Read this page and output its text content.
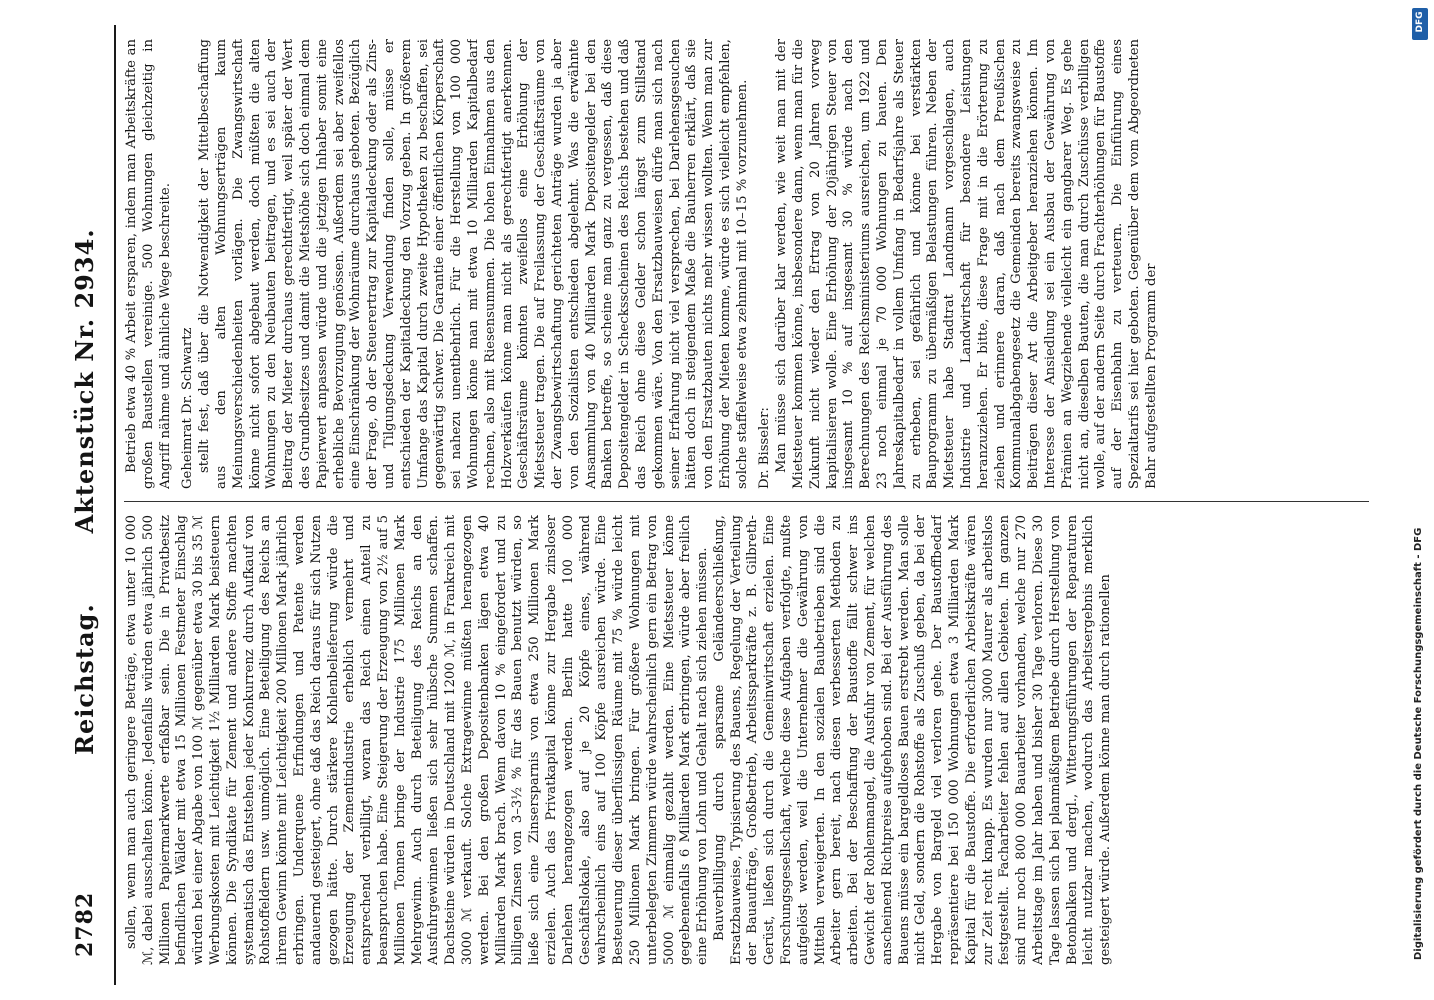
2782
Reichstag.Aktenstück Nr. 2934.

sollen, wenn man auch geringere Beträge, etwa unter 10 000 ℳ, dabei ausschalten könne. Jedenfalls würden etwa jährlich 500 Millionen Papiermarkwerte erfaßbar sein. Die in Privatbesitz befindlichen Wälder mit etwa 15 Millionen Festmeter Einschlag würden bei einer Abgabe von 100 ℳ gegenüber etwa 30 bis 35 ℳ Werbungskosten mit Leichtigkeit 1½ Milliarden Mark beisteuern können. Die Syndikate für Zement und andere Stoffe machten systematisch das Entstehen jeder Konkurrenz durch Aufkauf von Rohstoffeldern usw. unmöglich. Eine Beteiligung des Reichs an ihrem Gewinn könnte mit Leichtigkeit 200 Millionen Mark jährlich erbringen. Underquene Erfindungen und Patente werden andauernd gesteigert, ohne daß das Reich daraus für sich Nutzen gezogen hätte. Durch stärkere Kohlenbelieferung würde die Erzeugung der Zementindustrie erheblich vermehrt und entsprechend verbilligt, woran das Reich einen Anteil zu beanspruchen habe. Eine Steigerung der Erzeugung von 2½ auf 5 Millionen Tonnen bringe der Industrie 175 Millionen Mark Mehrgewinn. Auch durch Beteiligung des Reichs an den Ausfuhrgewinnen ließen sich sehr hübsche Summen schaffen. Dachsteine würden in Deutschland mit 1200 ℳ, in Frankreich mit 3000 ℳ verkauft. Solche Extragewinne müßten herangezogen werden. Bei den großen Depositenbanken lägen etwa 40 Milliarden Mark brach. Wenn davon 10 % eingefordert und zu billigen Zinsen von 3–3½ % für das Bauen benutzt würden, so ließe sich eine Zinsersparnis von etwa 250 Millionen Mark erzielen. Auch das Privatkapital könne zur Hergabe zinsloser Darlehen herangezogen werden. Berlin hatte 100 000 Geschäftslokale, also auf je 20 Köpfe eines, während wahrscheinlich eins auf 100 Köpfe ausreichen würde. Eine Besteuerung dieser überflüssigen Räume mit 75 % würde leicht 250 Millionen Mark bringen. Für größere Wohnungen mit unterbelegten Zimmern würde wahrscheinlich gern ein Betrag von 5000 ℳ einmalig gezahlt werden. Eine Mietssteuer könne gegebenenfalls 6 Milliarden Mark erbringen, würde aber freilich eine Erhöhung von Lohn und Gehalt nach sich ziehen müssen. Bauverbilligung durch sparsame Geländeerschließung, Ersatzbauweise, Typisierung des Bauens, Regelung der Verteilung der Bauaufträge, Großbetrieb, Arbeitssparkräfte z. B. Gilbreth-Gerüst, ließen sich durch die Gemeinwirtschaft erzielen. Eine Forschungsgesellschaft, welche diese Aufgaben verfolgte, mußte aufgelöst werden, weil die Unternehmer die Gewährung von Mitteln verweigerten. In den sozialen Baubetrieben sind die Arbeiter gern bereit, nach diesen verbesserten Methoden zu arbeiten. Bei der Beschaffung der Baustoffe fällt schwer ins Gewicht der Rohlenmangel, die Ausfuhr von Zement, für welchen anscheinend Richtpreise aufgehoben sind. Bei der Ausführung des Bauens müsse ein bargeldloses Bauen erstrebt werden. Man solle nicht Geld, sondern die Rohstoffe als Zuschuß geben, da bei der Hergabe von Bargeld viel verloren gehe. Der Baustoffbedarf repräsentiere bei 150 000 Wohnungen etwa 3 Milliarden Mark Kapital für die Baustoffe. Die erforderlichen Arbeitskräfte wären zur Zeit recht knapp. Es wurden nur 3000 Maurer als arbeitslos festgestellt. Facharbeiter fehlen auf allen Gebieten. Im ganzen sind nur noch 800 000 Bauarbeiter vorhanden, welche nur 270 Arbeitstage im Jahr haben und bisher 30 Tage verloren. Diese 30 Tage lassen sich bei planmäßigem Betriebe durch Herstellung von Betonbalken und dergl., Witterungsführungen der Reparaturen leicht nutzbar machen, wodurch das Arbeitsergebnis merklich gesteigert würde. Außerdem könne man durch rationellen

Betrieb etwa 40 % Arbeit ersparen, indem man Arbeitskräfte an großen Baustellen vereinige. 500 Wohnungen gleichzeitig in Angriff nähme und ähnliche Wege beschreite. Geheimrat Dr. Schwartz stellt fest, daß über die Notwendigkeit der Mittelbeschaffung aus den alten Wohnungserträgen kaum Meinungsverschiedenheiten vorlägen. Die Zwangswirtschaft könne nicht sofort abgebaut werden, doch müßten die alten Wohnungen zu den Neubauten beitragen, und es sei auch der Beitrag der Mieter durchaus gerechtfertigt, weil später der Wert des Grundbesitzes und damit die Mietshöhe sich doch einmal dem Papierwert anpassen würde und die jetzigen Inhaber somit eine erhebliche Bevorzugung genössen. Außerdem sei aber zweifellos eine Einschränkung der Wohnräume durchaus geboten. Bezüglich der Frage, ob der Steuerertrag zur Kapitaldeckung oder als Zins- und Tilgungsdeckung Verwendung finden solle, müsse er entschieden der Kapitaldeckung den Vorzug geben. In größerem Umfange das Kapital durch zweite Hypotheken zu beschaffen, sei gegenwärtig schwer. Die Garantie einer öffentlichen Körperschaft sei nahezu unentbehrlich. Für die Herstellung von 100 000 Wohnungen könne man mit etwa 10 Milliarden Kapitalbedarf rechnen, also mit Riesensummen. Die hohen Einnahmen aus den Holzverkäufen könne man nicht als gerechtfertigt anerkennen. Geschäftsräume könnten zweifellos eine Erhöhung der Mietssteuer tragen. Die auf Freilassung der Geschäftsräume von der Zwangsbewirtschaftung gerichteten Anträge wurden ja aber von den Sozialisten entschieden abgelehnt. Was die erwähnte Ansammlung von 40 Milliarden Mark Depositengelder bei den Banken betreffe, so scheine man ganz zu vergessen, daß diese Depositengelder in Schecksscheinen des Reichs bestehen und daß das Reich ohne diese Gelder schon längst zum Stillstand gekommen wäre. Von den Ersatzbauweisen dürfe man sich nach seiner Erfahrung nicht viel versprechen, bei Darlehensgesuchen hätten doch in steigendem Maße die Bauherren erklärt, daß sie von den Ersatzbauten nichts mehr wissen wollten. Wenn man zur Erhöhung der Mieten komme, würde es sich vielleicht empfehlen, solche staffelweise etwa zehnmal mit 10–15 % vorzunehmen. Dr. Bisseler: Man müsse sich darüber klar werden, wie weit man mit der Mietsteuer kommen könne, insbesondere dann, wenn man für die Zukunft nicht wieder den Ertrag von 20 Jahren vorweg kapitalisieren wolle. Eine Erhöhung der 20jährigen Steuer von insgesamt 10 % auf insgesamt 30 % würde nach den Berechnungen des Reichsministeriums ausreichen, um 1922 und 23 noch einmal je 70 000 Wohnungen zu bauen. Den Jahreskapitalbedarf in vollem Umfang in Bedarfsjahre als Steuer zu erheben, sei gefährlich und könne bei verstärkten Bauprogramm zu übermäßigen Belastungen führen. Neben der Mietsteuer habe Stadtrat Landmann vorgeschlagen, auch Industrie und Landwirtschaft für besondere Leistungen heranzuziehen. Er bitte, diese Frage mit in die Erörterung zu ziehen und erinnere daran, daß nach dem Preußischen Kommunalabgabengesetz die Gemeinden bereits zwangsweise zu Beiträgen dieser Art die Arbeitgeber heranziehen können. Im Interesse der Ansiedlung sei ein Ausbau der Gewährung von Prämien an Wegziehende vielleicht ein gangbarer Weg. Es gehe nicht an, dieselben Bauten, die man durch Zuschüsse verbilligen wolle, auf der andern Seite durch Frachterhöhungen für Baustoffe auf der Eisenbahn zu verteuern. Die Einführung eines Spezialtarifs sei hier geboten. Gegenüber dem vom Abgeordneten Bahr aufgestellten Programm der

Digitalisierung gefördert durch die Deutsche Forschungsgemeinschaft - DFG
DFG
